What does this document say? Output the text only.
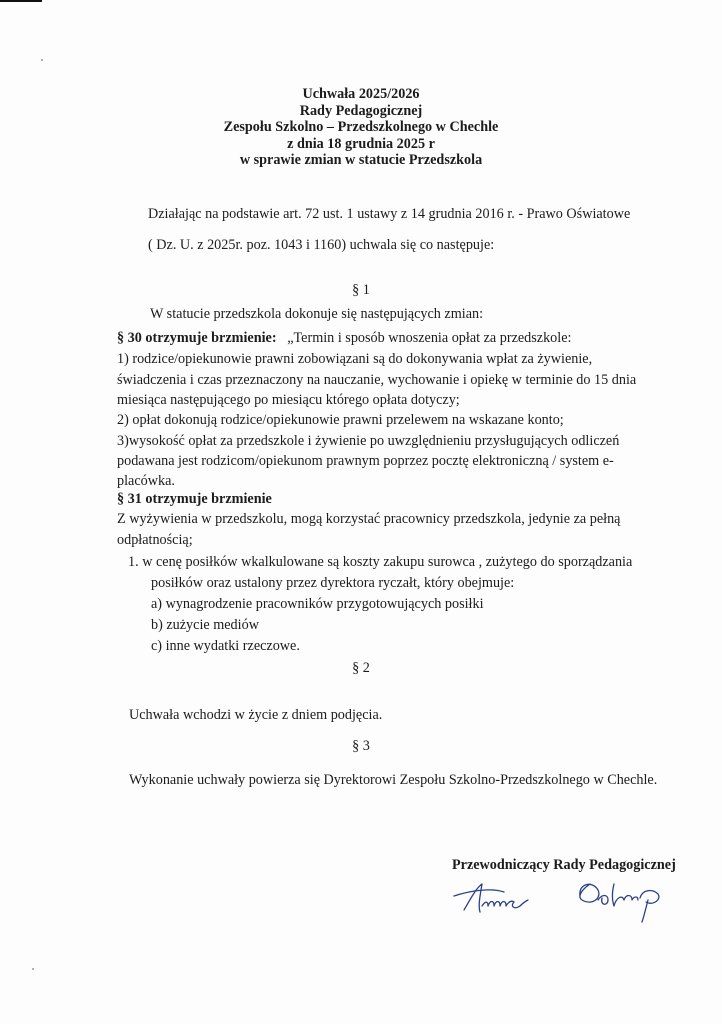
Uchwała 2025/2026
Rady Pedagogicznej
Zespołu Szkolno – Przedszkolnego w Chechle
z dnia 18 grudnia 2025 r
w sprawie zmian w statucie Przedszkola
Działając na podstawie art. 72 ust. 1 ustawy z 14 grudnia 2016 r. - Prawo Oświatowe
( Dz. U. z 2025r. poz. 1043 i 1160) uchwala się co następuje:
§ 1
W statucie przedszkola dokonuje się następujących zmian:
§ 30 otrzymuje brzmienie: „Termin i sposób wnoszenia opłat za przedszkole:
1) rodzice/opiekunowie prawni zobowiązani są do dokonywania wpłat za żywienie,
świadczenia i czas przeznaczony na nauczanie, wychowanie i opiekę w terminie do 15 dnia
miesiąca następującego po miesiącu którego opłata dotyczy;
2) opłat dokonują rodzice/opiekunowie prawni przelewem na wskazane konto;
3)wysokość opłat za przedszkole i żywienie po uwzględnieniu przysługujących odliczeń
podawana jest rodzicom/opiekunom prawnym poprzez pocztę elektroniczną / system e-
placówka.
§ 31 otrzymuje brzmienie
Z wyżywienia w przedszkolu, mogą korzystać pracownicy przedszkola, jedynie za pełną
odpłatnością;
1. w cenę posiłków wkalkulowane są koszty zakupu surowca , zużytego do sporządzania
posiłków oraz ustalony przez dyrektora ryczałt, który obejmuje:
a) wynagrodzenie pracowników przygotowujących posiłki
b) zużycie mediów
c) inne wydatki rzeczowe.
§ 2
Uchwała wchodzi w życie z dniem podjęcia.
§ 3
Wykonanie uchwały powierza się Dyrektorowi Zespołu Szkolno-Przedszkolnego w Chechle.
Przewodniczący Rady Pedagogicznej
